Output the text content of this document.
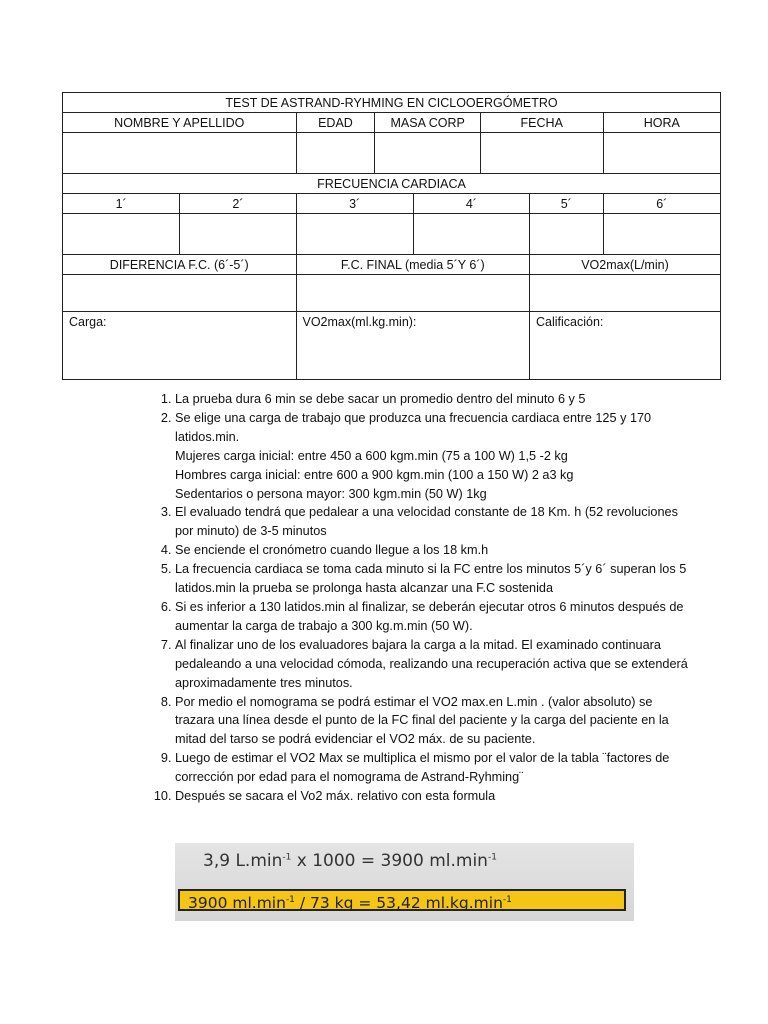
TEST DE ASTRAND-RYHMING EN CICLOOERGÓMETRO							
NOMBRE Y APELLIDO		EDAD	MASA CORP		FECHA		HORA

FRECUENCIA CARDIACA							
1´	2´	3´		4´		5´	6´

DIFERENCIA F.C. (6´-5´)		F.C. FINAL (media 5´Y 6´)				VO2max(L/min)	

Carga:		VO2max(ml.kg.min):				Calificación:	
1. La prueba dura 6 min se debe sacar un promedio dentro del minuto 6 y 5
2. Se elige una carga de trabajo que produzca una frecuencia cardiaca entre 125 y 170 latidos.min.
Mujeres carga inicial: entre 450 a 600 kgm.min (75 a 100 W) 1,5 -2 kg
Hombres carga inicial: entre 600 a 900 kgm.min (100 a 150 W) 2 a3 kg
Sedentarios o persona mayor: 300 kgm.min (50 W) 1kg
3. El evaluado tendrá que pedalear a una velocidad constante de 18 Km. h (52 revoluciones por minuto) de 3-5 minutos
4. Se enciende el cronómetro cuando llegue a los 18 km.h
5. La frecuencia cardiaca se toma cada minuto si la FC entre los minutos 5´y 6´ superan los 5 latidos.min la prueba se prolonga hasta alcanzar una F.C sostenida
6. Si es inferior a 130 latidos.min al finalizar, se deberán ejecutar otros 6 minutos después de aumentar la carga de trabajo a 300 kg.m.min (50 W).
7. Al finalizar uno de los evaluadores bajara la carga a la mitad. El examinado continuara pedaleando a una velocidad cómoda, realizando una recuperación activa que se extenderá aproximadamente tres minutos.
8. Por medio el nomograma se podrá estimar el VO2 max.en L.min . (valor absoluto) se trazara una línea desde el punto de la FC final del paciente y la carga del paciente en la mitad del tarso se podrá evidenciar el VO2 máx. de su paciente.
9. Luego de estimar el VO2 Max se multiplica el mismo por el valor de la tabla ¨factores de corrección por edad para el nomograma de Astrand-Ryhming¨
10. Después se sacara el Vo2 máx. relativo con esta formula
3,9 $L.\min^{-1}$ x 1000 = 3900 $ml.\min^{-1}$
3900 $ml.\min^{-1} / 73$ kg = 53,42 $ml.kg.\min^{-1}$
